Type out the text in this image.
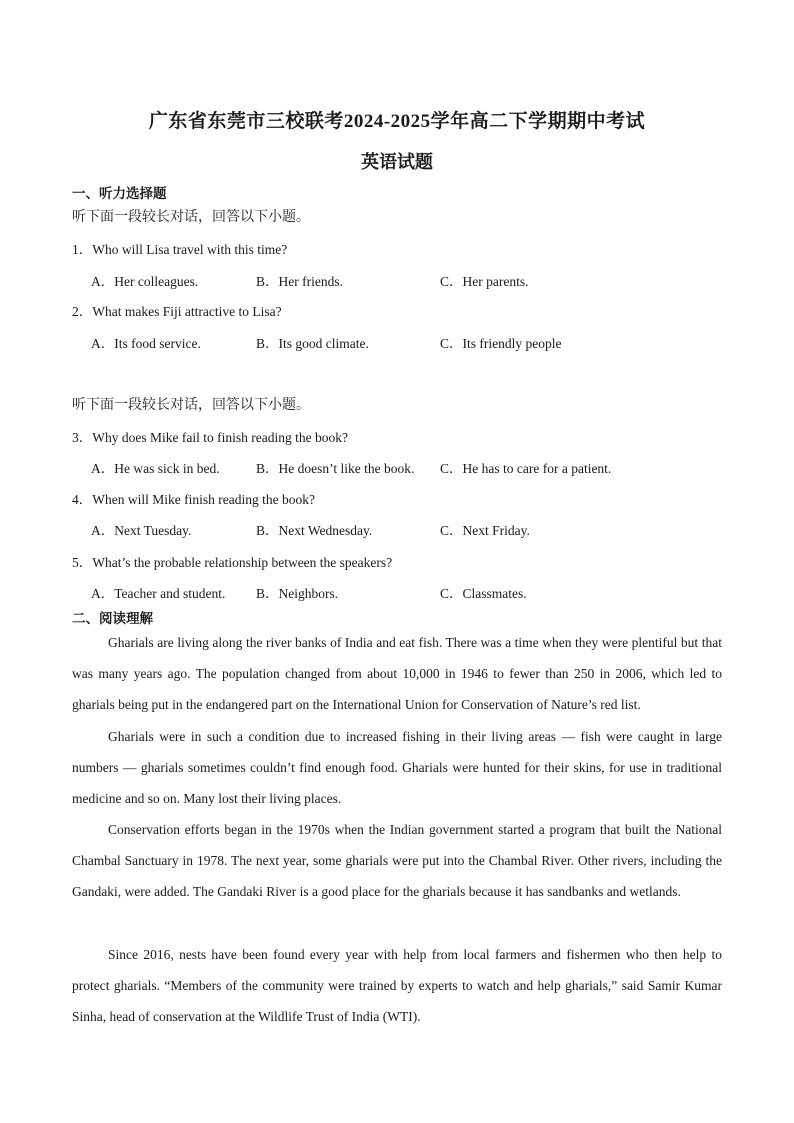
广东省东莞市三校联考2024-2025学年高二下学期期中考试
英语试题
一、听力选择题
听下面一段较长对话，回答以下小题。
1．Who will Lisa travel with this time?
A．Her colleagues.	B．Her friends.	C．Her parents.
2．What makes Fiji attractive to Lisa?
A．Its food service.	B．Its good climate.	C．Its friendly people
听下面一段较长对话，回答以下小题。
3．Why does Mike fail to finish reading the book?
A．He was sick in bed.	B．He doesn’t like the book. C．He has to care for a patient.
4．When will Mike finish reading the book?
A．Next Tuesday.	B．Next Wednesday.	C．Next Friday.
5．What’s the probable relationship between the speakers?
A．Teacher and student. B．Neighbors.	C．Classmates.
二、阅读理解
Gharials are living along the river banks of India and eat fish. There was a time when they were plentiful but that was many years ago. The population changed from about 10,000 in 1946 to fewer than 250 in 2006, which led to gharials being put in the endangered part on the International Union for Conservation of Nature’s red list.
Gharials were in such a condition due to increased fishing in their living areas — fish were caught in large numbers — gharials sometimes couldn’t find enough food. Gharials were hunted for their skins, for use in traditional medicine and so on. Many lost their living places.
Conservation efforts began in the 1970s when the Indian government started a program that built the National Chambal Sanctuary in 1978. The next year, some gharials were put into the Chambal River. Other rivers, including the Gandaki, were added. The Gandaki River is a good place for the gharials because it has sandbanks and wetlands.
Since 2016, nests have been found every year with help from local farmers and fishermen who then help to protect gharials. “Members of the community were trained by experts to watch and help gharials,” said Samir Kumar Sinha, head of conservation at the Wildlife Trust of India (WTI).
